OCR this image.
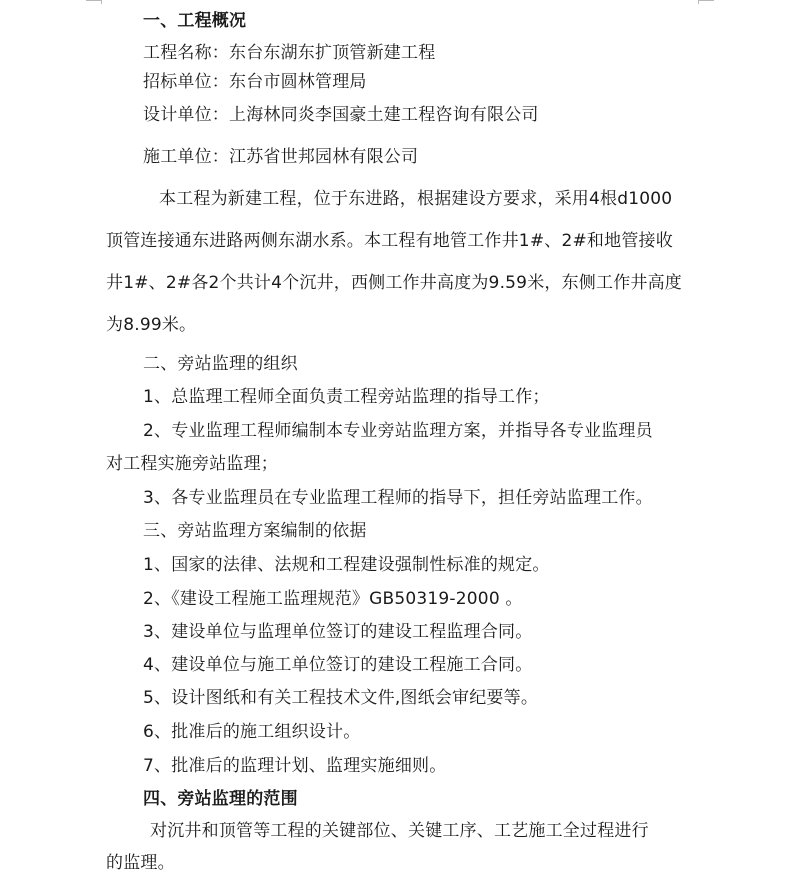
一、工程概况
工程名称：东台东湖东扩顶管新建工程
招标单位：东台市圆林管理局
设计单位：上海林同炎李国豪土建工程咨询有限公司
施工单位：江苏省世邦园林有限公司
本工程为新建工程，位于东进路，根据建设方要求，采用4根d1000
顶管连接通东进路两侧东湖水系。本工程有地管工作井1#、2#和地管接收
井1#、2#各2个共计4个沉井，西侧工作井高度为9.59米，东侧工作井高度
为8.99米。
二、旁站监理的组织
1、总监理工程师全面负责工程旁站监理的指导工作；
2、专业监理工程师编制本专业旁站监理方案，并指导各专业监理员
对工程实施旁站监理；
3、各专业监理员在专业监理工程师的指导下，担任旁站监理工作。
三、旁站监理方案编制的依据
1、国家的法律、法规和工程建设强制性标准的规定。
2、《建设工程施工监理规范》GB50319-2000 。
3、建设单位与监理单位签订的建设工程监理合同。
4、建设单位与施工单位签订的建设工程施工合同。
5、设计图纸和有关工程技术文件,图纸会审纪要等。
6、批准后的施工组织设计。
7、批准后的监理计划、监理实施细则。
四、旁站监理的范围
对沉井和顶管等工程的关键部位、关键工序、工艺施工全过程进行
的监理。
